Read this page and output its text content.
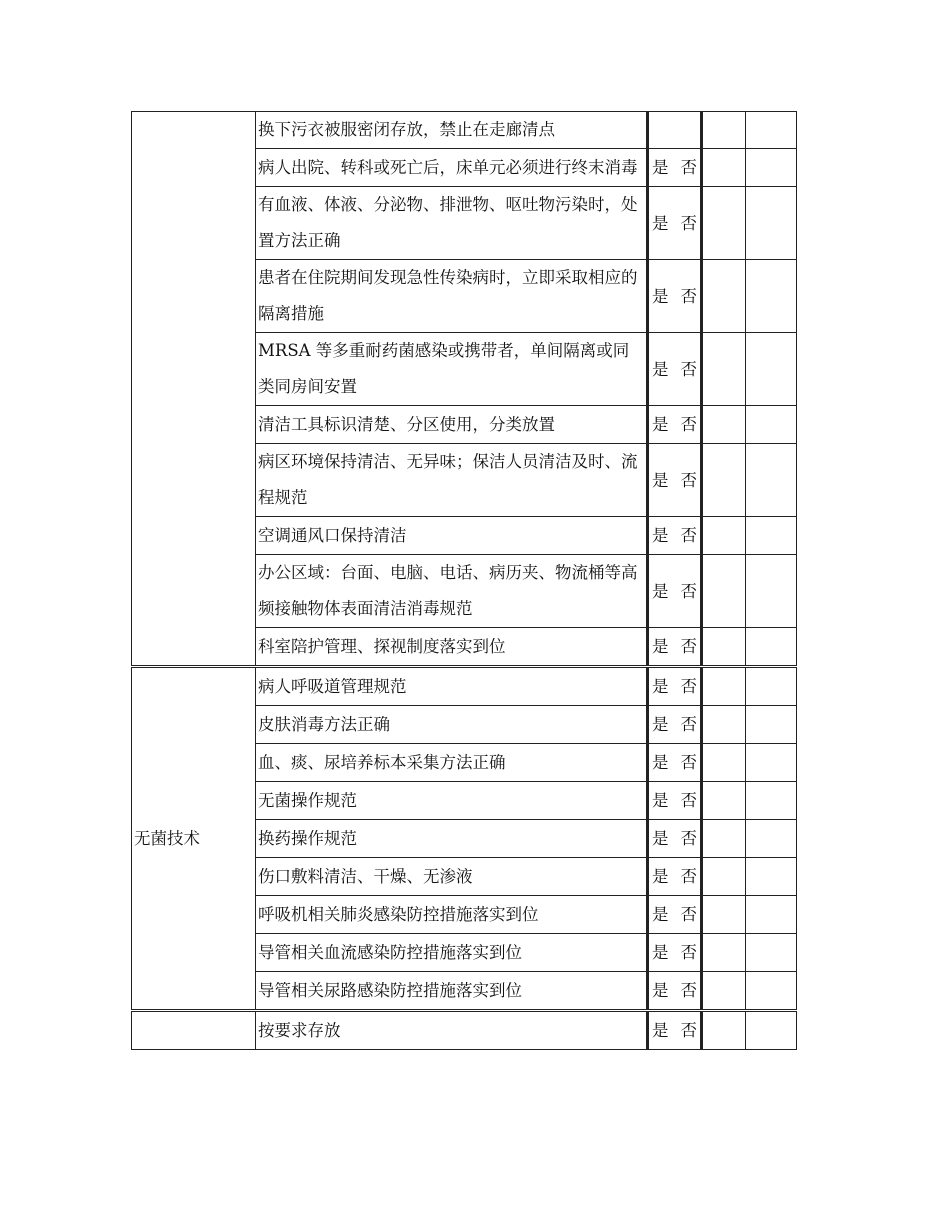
	换下污衣被服密闭存放，禁止在走廊清点			
	病人出院、转科或死亡后，床单元必须进行终末消毒	是 否		
	有血液、体液、分泌物、排泄物、呕吐物污染时，处置方法正确	是 否		
	患者在住院期间发现急性传染病时，立即采取相应的隔离措施	是 否		
	MRSA 等多重耐药菌感染或携带者，单间隔离或同类同房间安置	是 否		
	清洁工具标识清楚、分区使用，分类放置	是 否		
	病区环境保持清洁、无异味；保洁人员清洁及时、流程规范	是 否		
	空调通风口保持清洁	是 否		
	办公区域：台面、电脑、电话、病历夹、物流桶等高频接触物体表面清洁消毒规范	是 否		
	科室陪护管理、探视制度落实到位	是 否		
无菌技术	病人呼吸道管理规范	是 否		
	皮肤消毒方法正确	是 否		
	血、痰、尿培养标本采集方法正确	是 否		
	无菌操作规范	是 否		
	换药操作规范	是 否		
	伤口敷料清洁、干燥、无渗液	是 否		
	呼吸机相关肺炎感染防控措施落实到位	是 否		
	导管相关血流感染防控措施落实到位	是 否		
	导管相关尿路感染防控措施落实到位	是 否		
	按要求存放	是 否		
